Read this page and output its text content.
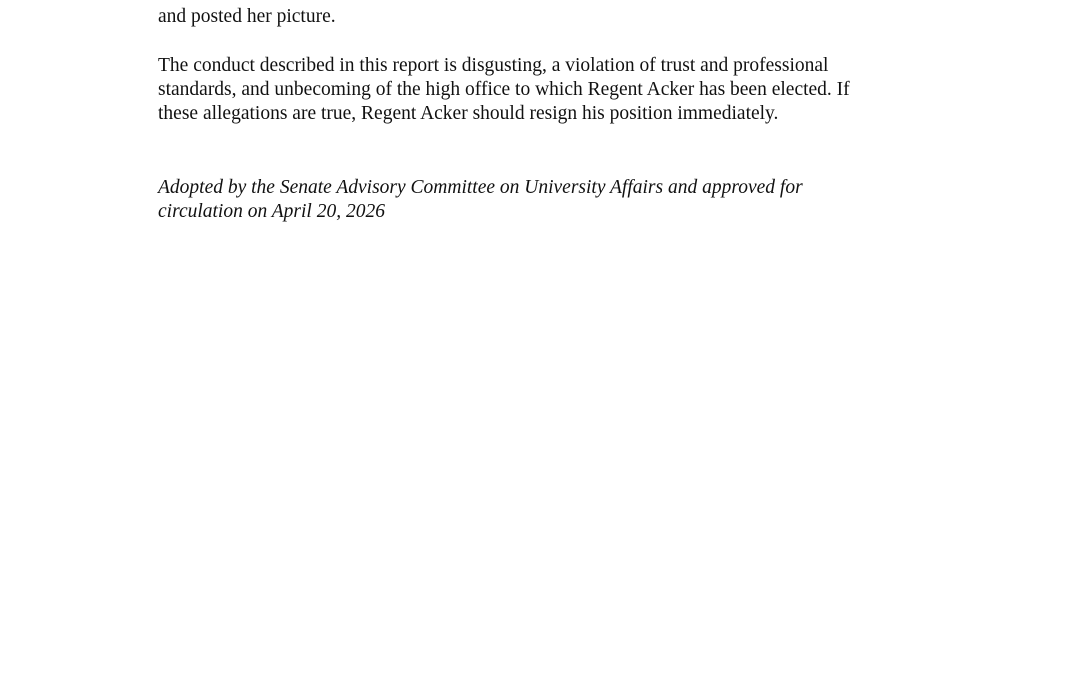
and posted her picture.

The conduct described in this report is disgusting, a violation of trust and professional
standards, and unbecoming of the high office to which Regent Acker has been elected. If
these allegations are true, Regent Acker should resign his position immediately.

Adopted by the Senate Advisory Committee on University Affairs and approved for
circulation on April 20, 2026
